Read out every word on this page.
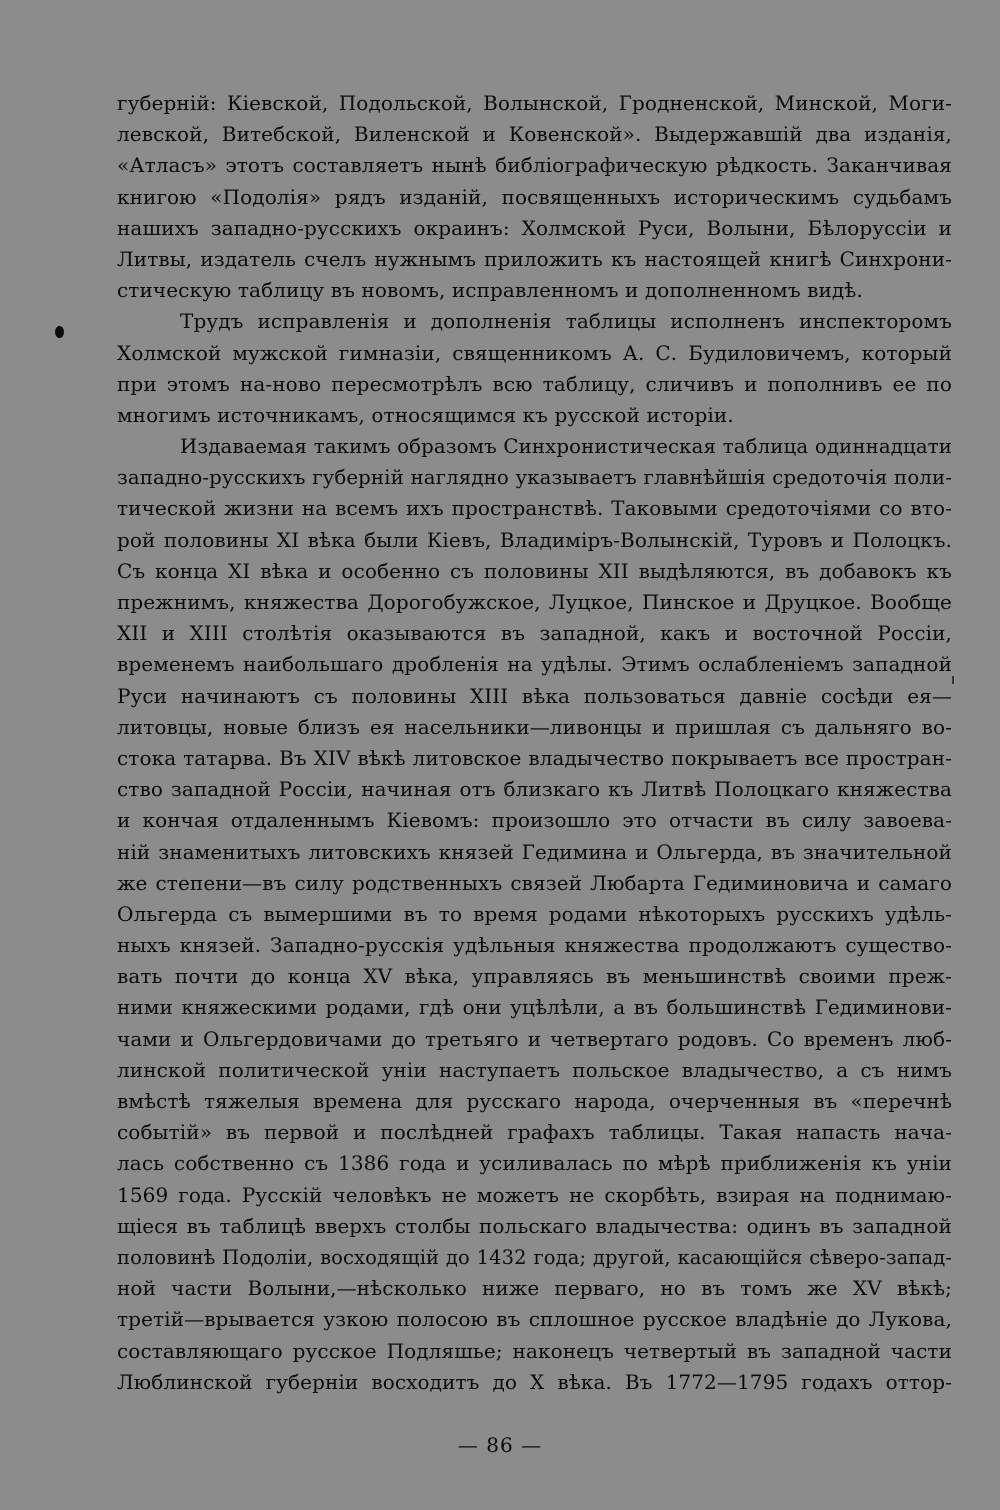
губерній: Кіевской, Подольской, Волынской, Гродненской, Минской, Моги-
левской, Витебской, Виленской и Ковенской». Выдержавшій два изданія,
«Атласъ» этотъ составляетъ нынѣ библіографическую рѣдкость. Заканчивая
книгою «Подолія» рядъ изданій, посвященныхъ историческимъ судьбамъ
нашихъ западно-русскихъ окраинъ: Холмской Руси, Волыни, Бѣлоруссіи и
Литвы, издатель счелъ нужнымъ приложить къ настоящей книгѣ Синхрони-
стическую таблицу въ новомъ, исправленномъ и дополненномъ видѣ.
Трудъ исправленія и дополненія таблицы исполненъ инспекторомъ
Холмской мужской гимназіи, священникомъ А. С. Будиловичемъ, который
при этомъ на-ново пересмотрѣлъ всю таблицу, сличивъ и пополнивъ ее по
многимъ источникамъ, относящимся къ русской исторіи.
Издаваемая такимъ образомъ Синхронистическая таблица одиннадцати
западно-русскихъ губерній наглядно указываетъ главнѣйшія средоточія поли-
тической жизни на всемъ ихъ пространствѣ. Таковыми средоточіями со вто-
рой половины XI вѣка были Кіевъ, Владиміръ-Волынскій, Туровъ и Полоцкъ.
Съ конца XI вѣка и особенно съ половины XII выдѣляются, въ добавокъ къ
прежнимъ, княжества Дорогобужское, Луцкое, Пинское и Друцкое. Вообще
XII и XIII столѣтія оказываются въ западной, какъ и восточной Россіи,
временемъ наибольшаго дробленія на удѣлы. Этимъ ослабленіемъ западной
Руси начинаютъ съ половины XIII вѣка пользоваться давніе сосѣди ея—
литовцы, новые близъ ея насельники—ливонцы и пришлая съ дальняго во-
стока татарва. Въ XIV вѣкѣ литовское владычество покрываетъ все простран-
ство западной Россіи, начиная отъ близкаго къ Литвѣ Полоцкаго княжества
и кончая отдаленнымъ Кіевомъ: произошло это отчасти въ силу завоева-
ній знаменитыхъ литовскихъ князей Гедимина и Ольгерда, въ значительной
же степени—въ силу родственныхъ связей Любарта Гедиминовича и самаго
Ольгерда съ вымершими въ то время родами нѣкоторыхъ русскихъ удѣль-
ныхъ князей. Западно-русскія удѣльныя княжества продолжаютъ существо-
вать почти до конца XV вѣка, управляясь въ меньшинствѣ своими преж-
ними княжескими родами, гдѣ они уцѣлѣли, а въ большинствѣ Гедиминови-
чами и Ольгердовичами до третьяго и четвертаго родовъ. Со временъ люб-
линской политической уніи наступаетъ польское владычество, а съ нимъ
вмѣстѣ тяжелыя времена для русскаго народа, очерченныя въ «перечнѣ
событій» въ первой и послѣдней графахъ таблицы. Такая напасть нача-
лась собственно съ 1386 года и усиливалась по мѣрѣ приближенія къ уніи
1569 года. Русскій человѣкъ не можетъ не скорбѣть, взирая на поднимаю-
щіеся въ таблицѣ вверхъ столбы польскаго владычества: одинъ въ западной
половинѣ Подоліи, восходящій до 1432 года; другой, касающійся сѣверо-запад-
ной части Волыни,—нѣсколько ниже перваго, но въ томъ же XV вѣкѣ;
третій—врывается узкою полосою въ сплошное русское владѣніе до Лукова,
составляющаго русское Подляшье; наконецъ четвертый въ западной части
Люблинской губерніи восходитъ до X вѣка. Въ 1772—1795 годахъ оттор-
— 86 —
